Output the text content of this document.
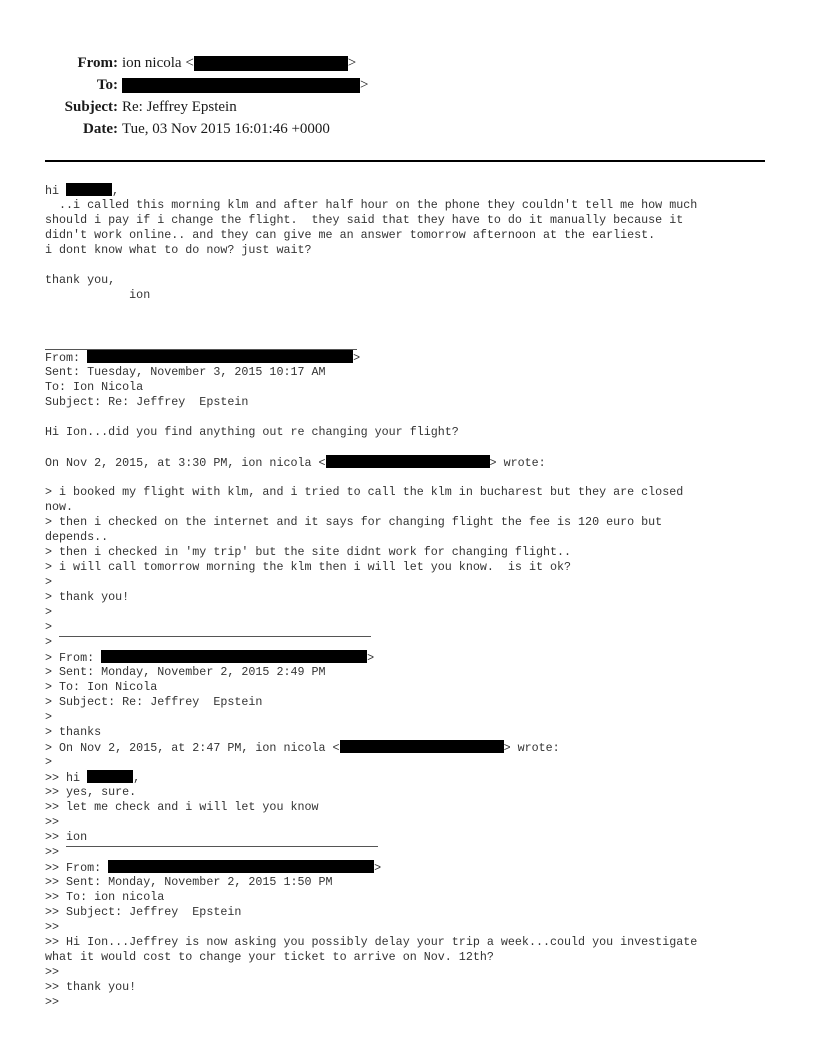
From: ion nicola <	>
To:	>
Subject: Re: Jeffrey Epstein
Date: Tue, 03 Nov 2015 16:01:46 +0000
hi	,
..i called this morning klm and after half hour on the phone they couldn't tell me how much
should i pay if i change the flight.  they said that they have to do it manually because it
didn't work online.. and they can give me an answer tomorrow afternoon at the earliest.
i dont know what to do now? just wait?
thank you,
ion
From:	>
Sent: Tuesday, November 3, 2015 10:17 AM
To: Ion Nicola
Subject: Re: Jeffrey  Epstein
Hi Ion...did you find anything out re changing your flight?
On Nov 2, 2015, at 3:30 PM, ion nicola <	> wrote:
> i booked my flight with klm, and i tried to call the klm in bucharest but they are closed
now.
> then i checked on the internet and it says for changing flight the fee is 120 euro but
depends..
> then i checked in 'my trip' but the site didnt work for changing flight..
> i will call tomorrow morning the klm then i will let you know.  is it ok?
>
> thank you!
>
>
>
> From:	>
> Sent: Monday, November 2, 2015 2:49 PM
> To: Ion Nicola
> Subject: Re: Jeffrey  Epstein
>
> thanks
> On Nov 2, 2015, at 2:47 PM, ion nicola <	> wrote:
>
>> hi	,
>> yes, sure.
>> let me check and i will let you know
>>
>> ion
>>
>> From:	>
>> Sent: Monday, November 2, 2015 1:50 PM
>> To: ion nicola
>> Subject: Jeffrey  Epstein
>>
>> Hi Ion...Jeffrey is now asking you possibly delay your trip a week...could you investigate
what it would cost to change your ticket to arrive on Nov. 12th?
>>
>> thank you!
>>
